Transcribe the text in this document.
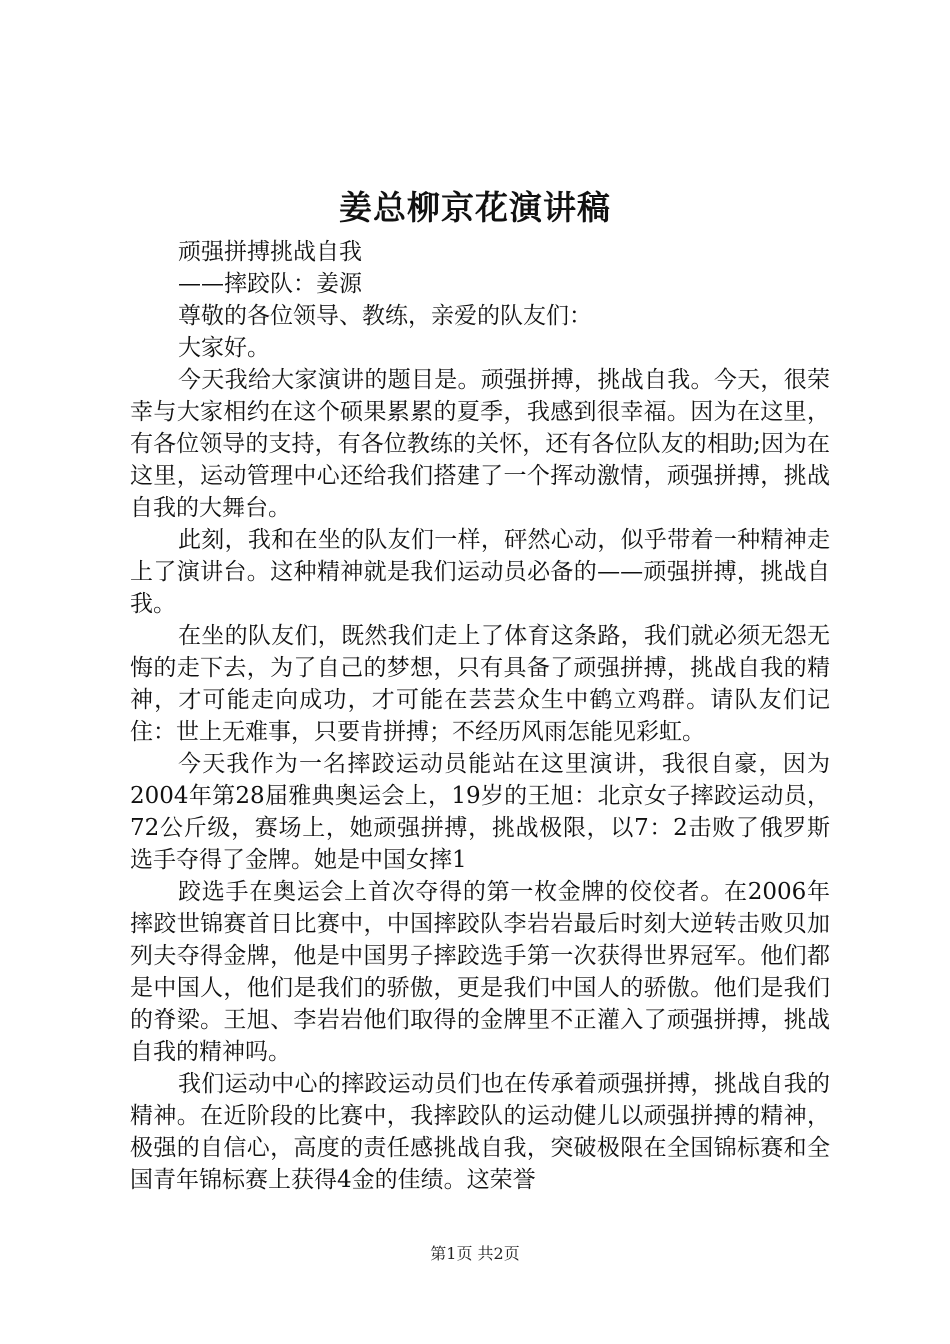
姜总柳京花演讲稿

顽强拼搏挑战自我

——摔跤队：姜源

尊敬的各位领导、教练，亲爱的队友们：

大家好。

今天我给大家演讲的题目是。顽强拼搏，挑战自我。今天，很荣幸与大家相约在这个硕果累累的夏季，我感到很幸福。因为在这里，有各位领导的支持，有各位教练的关怀，还有各位队友的相助;因为在这里，运动管理中心还给我们搭建了一个挥动激情，顽强拼搏，挑战自我的大舞台。

此刻，我和在坐的队友们一样，砰然心动，似乎带着一种精神走上了演讲台。这种精神就是我们运动员必备的——顽强拼搏，挑战自我。

在坐的队友们，既然我们走上了体育这条路，我们就必须无怨无悔的走下去，为了自己的梦想，只有具备了顽强拼搏，挑战自我的精神，才可能走向成功，才可能在芸芸众生中鹤立鸡群。请队友们记住：世上无难事，只要肯拼搏；不经历风雨怎能见彩虹。

今天我作为一名摔跤运动员能站在这里演讲，我很自豪，因为2004年第28届雅典奥运会上，19岁的王旭：北京女子摔跤运动员，72公斤级，赛场上，她顽强拼搏，挑战极限，以7：2击败了俄罗斯选手夺得了金牌。她是中国女摔1

跤选手在奥运会上首次夺得的第一枚金牌的佼佼者。在2006年摔跤世锦赛首日比赛中，中国摔跤队李岩岩最后时刻大逆转击败贝加列夫夺得金牌，他是中国男子摔跤选手第一次获得世界冠军。他们都是中国人，他们是我们的骄傲，更是我们中国人的骄傲。他们是我们的脊梁。王旭、李岩岩他们取得的金牌里不正灌入了顽强拼搏，挑战自我的精神吗。

我们运动中心的摔跤运动员们也在传承着顽强拼搏，挑战自我的精神。在近阶段的比赛中，我摔跤队的运动健儿以顽强拼搏的精神，极强的自信心，高度的责任感挑战自我，突破极限在全国锦标赛和全国青年锦标赛上获得4金的佳绩。这荣誉

第1页 共2页
